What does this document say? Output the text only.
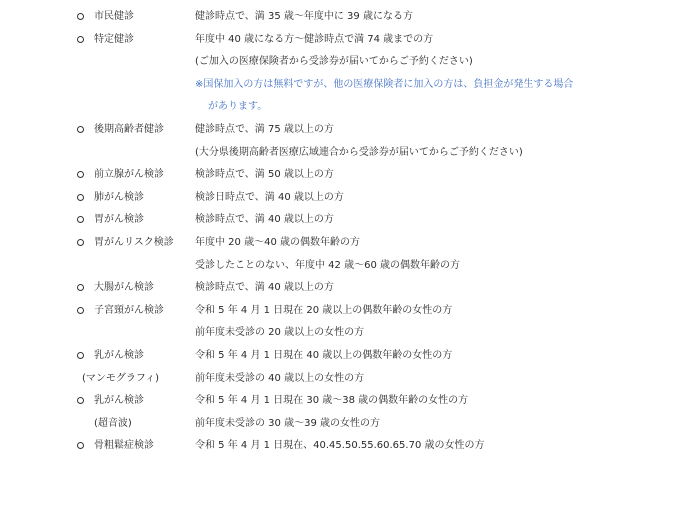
市民健診	健診時点で、満 35 歳～年度中に 39 歳になる方
特定健診	年度中 40 歳になる方～健診時点で満 74 歳までの方
(ご加入の医療保険者から受診券が届いてからご予約ください)
※国保加入の方は無料ですが、他の医療保険者に加入の方は、負担金が発生する場合
があります。
後期高齢者健診	健診時点で、満 75 歳以上の方
(大分県後期高齢者医療広域連合から受診券が届いてからご予約ください)
前立腺がん検診	検診時点で、満 50 歳以上の方
肺がん検診	検診日時点で、満 40 歳以上の方
胃がん検診	検診時点で、満 40 歳以上の方
胃がんリスク検診 年度中 20 歳～40 歳の偶数年齢の方
受診したことのない、年度中 42 歳～60 歳の偶数年齢の方
大腸がん検診	検診時点で、満 40 歳以上の方
子宮頸がん検診	令和 5 年 4 月 1 日現在 20 歳以上の偶数年齢の女性の方
前年度未受診の 20 歳以上の女性の方
乳がん検診	令和 5 年 4 月 1 日現在 40 歳以上の偶数年齢の女性の方
(マンモグラフィ)	前年度未受診の 40 歳以上の女性の方
乳がん検診	令和 5 年 4 月 1 日現在 30 歳～38 歳の偶数年齢の女性の方
(超音波)	前年度未受診の 30 歳～39 歳の女性の方
骨粗鬆症検診	令和 5 年 4 月 1 日現在、40.45.50.55.60.65.70 歳の女性の方
